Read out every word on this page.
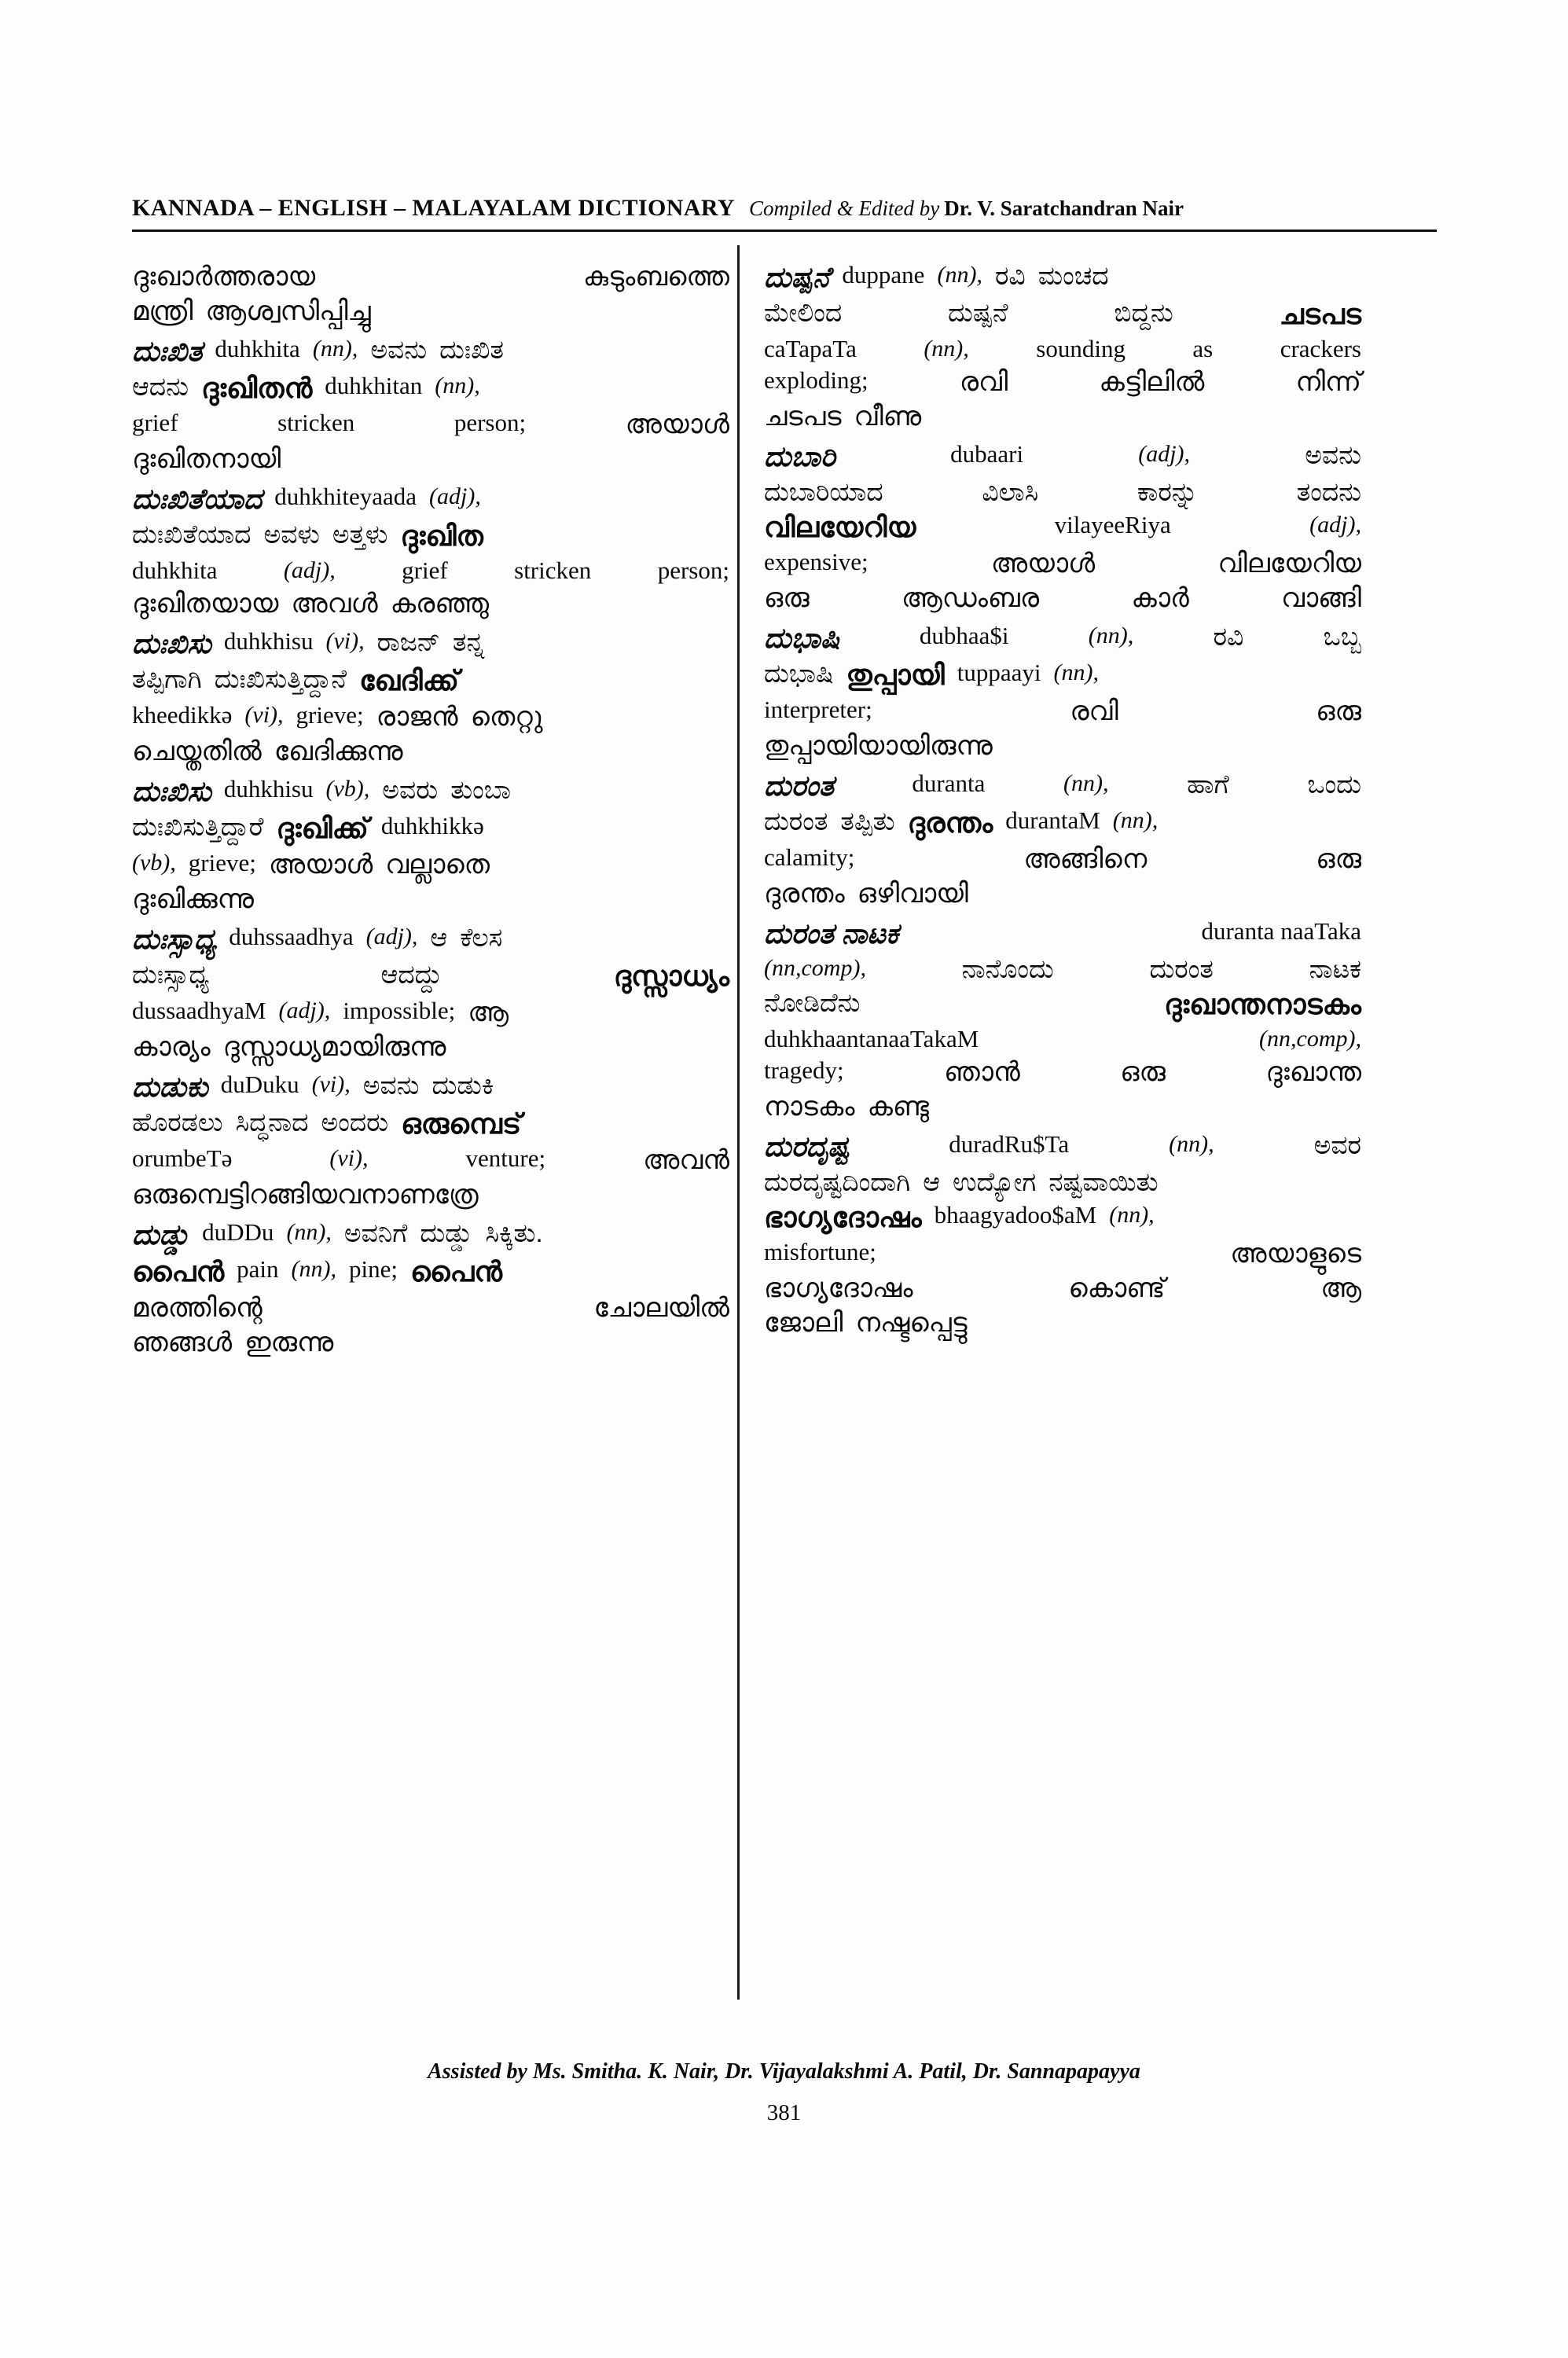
KANNADA – ENGLISH – MALAYALAM DICTIONARY Compiled & Edited by Dr. V. Saratchandran Nair
ദുഃഖാർത്തരായ	കുടുംബത്തെ
മന്ത്രി ആശ്വസിപ്പിച്ചു
ದುಃಖಿತ duhkhita (nn), ಅವನು ದುಃಖಿತ
ಆದನು ദുഃഖിതൻ duhkhitan (nn),
grief	stricken	person;	അയാൾ
ദുഃഖിതനായി
ದುಃಖಿತೆಯಾದ duhkhiteyaada (adj),
ದುಃಖಿತೆಯಾದ ಅವಳು ಅತ್ತಳು ദുഃഖിത
duhkhita	(adj),	grief	stricken	person;
ദുഃഖിതയായ അവൾ കരഞ്ഞു
ದುಃಖಿಸು duhkhisu (vi), ರಾಜನ್ ತನ್ನ
ತಪ್ಪಿಗಾಗಿ ದುಃಖಿಸುತ್ತಿದ್ದಾನೆ ഖേദിക്ക്
kheedikkə (vi), grieve; രാജൻ തെറ്റു
ചെയ്തതിൽ ഖേദിക്കുന്നു
ದುಃಖಿಸು duhkhisu (vb), ಅವರು ತುಂಬಾ
ದುಃಖಿಸುತ್ತಿದ್ದಾರೆ ദുഃഖിക്ക് duhkhikkə
(vb), grieve; അയാൾ വല്ലാതെ
ദുഃഖിക്കുന്നു
ದುಃಸ್ಸಾಧ್ಯ duhssaadhya (adj), ಆ ಕೆಲಸ
ದುಃಸ್ಸಾಧ್ಯ	ಆದದ್ದು	ദുസ്സാധ്യം
dussaadhyaM (adj), impossible; ആ
കാര്യം ദുസ്സാധ്യമായിരുന്നു
ದುಡುಕು duDuku (vi), ಅವನು ದುಡುಕಿ
ಹೊರಡಲು ಸಿದ್ಧನಾದ ಅಂದರು ഒരുമ്പെട്
orumbeTə	(vi),	venture;	അവൻ
ഒരുമ്പെട്ടിറങ്ങിയവനാണത്രേ
ದುಡ್ಡು duDDu (nn), ಅವನಿಗೆ ದುಡ್ಡು ಸಿಕ್ಕಿತು.
പൈൻ pain (nn), pine; പൈൻ
മരത്തിന്റെ	ചോലയിൽ
ഞങ്ങൾ ഇരുന്നു
ದುಷ್ಪನೆ duppane (nn), ರವಿ ಮಂಚದ
ಮೇಲಿಂದ	ದುಷ್ಪನೆ	ಬಿದ್ದನು	ചടപട
caTapaTa	(nn),	sounding	as	crackers
exploding;	രവി	കട്ടിലിൽ	നിന്ന്
ചടപട വീണു
ದುಬಾರಿ	dubaari	(adj),	ಅವನು
ದುಬಾರಿಯಾದ	ವಿಲಾಸಿ	ಕಾರನ್ನು	ತಂದನು
വിലയേറിയ	vilayeeRiya	(adj),
expensive;	അയാൾ	വിലയേറിയ
ഒരു	ആഡംബര	കാർ	വാങ്ങി
ದುಭಾಷಿ	dubhaa$i	(nn),	ರವಿ	ಒಬ್ಬ
ದುಭಾಷಿ തുപ്പായി tuppaayi (nn),
interpreter;	രവി	ഒരു
തുപ്പായിയായിരുന്നു
ದುರಂತ	duranta	(nn),	ಹಾಗೆ	ಒಂದು
ದುರಂತ ತಪ್ಪಿತು ദുരന്തം durantaM (nn),
calamity;	അങ്ങിനെ	ഒരു
ദുരന്തം ഒഴിവായി
ದುರಂತ ನಾಟಕ	duranta naaTaka
(nn,comp),	ನಾನೊಂದು	ದುರಂತ	ನಾಟಕ
ನೋಡಿದೆನು	ദുഃഖാന്തനാടകം
duhkhaantanaaTakaM	(nn,comp),
tragedy;	ഞാൻ	ഒരു	ദുഃഖാന്ത
നാടകം കണ്ടു
ದುರದೃಷ್ಟ	duradRu$Ta	(nn),	ಅವರ
ದುರದೃಷ್ಟದಿಂದಾಗಿ ಆ ಉದ್ಯೋಗ ನಷ್ಟವಾಯಿತು
ഭാഗ്യദോഷം bhaagyadoo$aM (nn),
misfortune;	അയാളുടെ
ഭാഗ്യദോഷം	കൊണ്ട്	ആ
ജോലി നഷ്ടപ്പെട്ടു
Assisted by Ms. Smitha. K. Nair, Dr. Vijayalakshmi A. Patil, Dr. Sannapapayya
381
